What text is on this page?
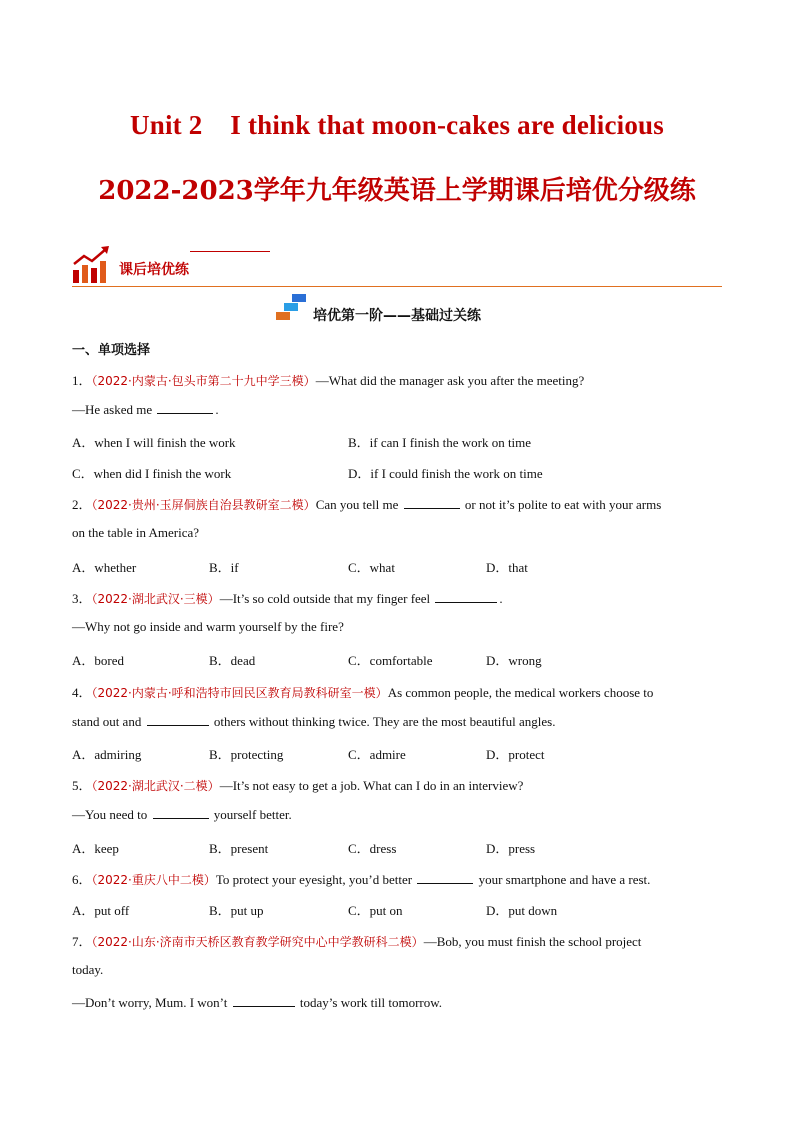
Unit 2    I think that moon-cakes are delicious
2022-2023学年九年级英语上学期课后培优分级练
课后培优练
培优第一阶——基础过关练
一、单项选择
1．（2022·内蒙古·包头市第二十九中学三模）—What did the manager ask you after the meeting?
—He asked me	.
A．when I will finish the work	B．if can I finish the work on time
C．when did I finish the work	D．if I could finish the work on time
2．（2022·贵州·玉屏侗族自治县教研室二模）Can you tell me	or not it’s polite to eat with your arms
on the table in America?
A．whether	B．if	C．what	D．that
3．（2022·湖北武汉·三模）—It’s so cold outside that my finger feel	.
—Why not go inside and warm yourself by the fire?
A．bored	B．dead	C．comfortable	D．wrong
4．（2022·内蒙古·呼和浩特市回民区教育局教科研室一模）As common people, the medical workers choose to
stand out and	others without thinking twice. They are the most beautiful angles.
A．admiring	B．protecting	C．admire	D．protect
5．（2022·湖北武汉·二模）—It’s not easy to get a job. What can I do in an interview?
—You need to	yourself better.
A．keep	B．present	C．dress	D．press
6．（2022·重庆八中二模）To protect your eyesight, you’d better	your smartphone and have a rest.
A．put off	B．put up	C．put on	D．put down
7．（2022·山东·济南市天桥区教育教学研究中心中学教研科二模）—Bob, you must finish the school project
today.
—Don’t worry, Mum. I won’t	today’s work till tomorrow.
